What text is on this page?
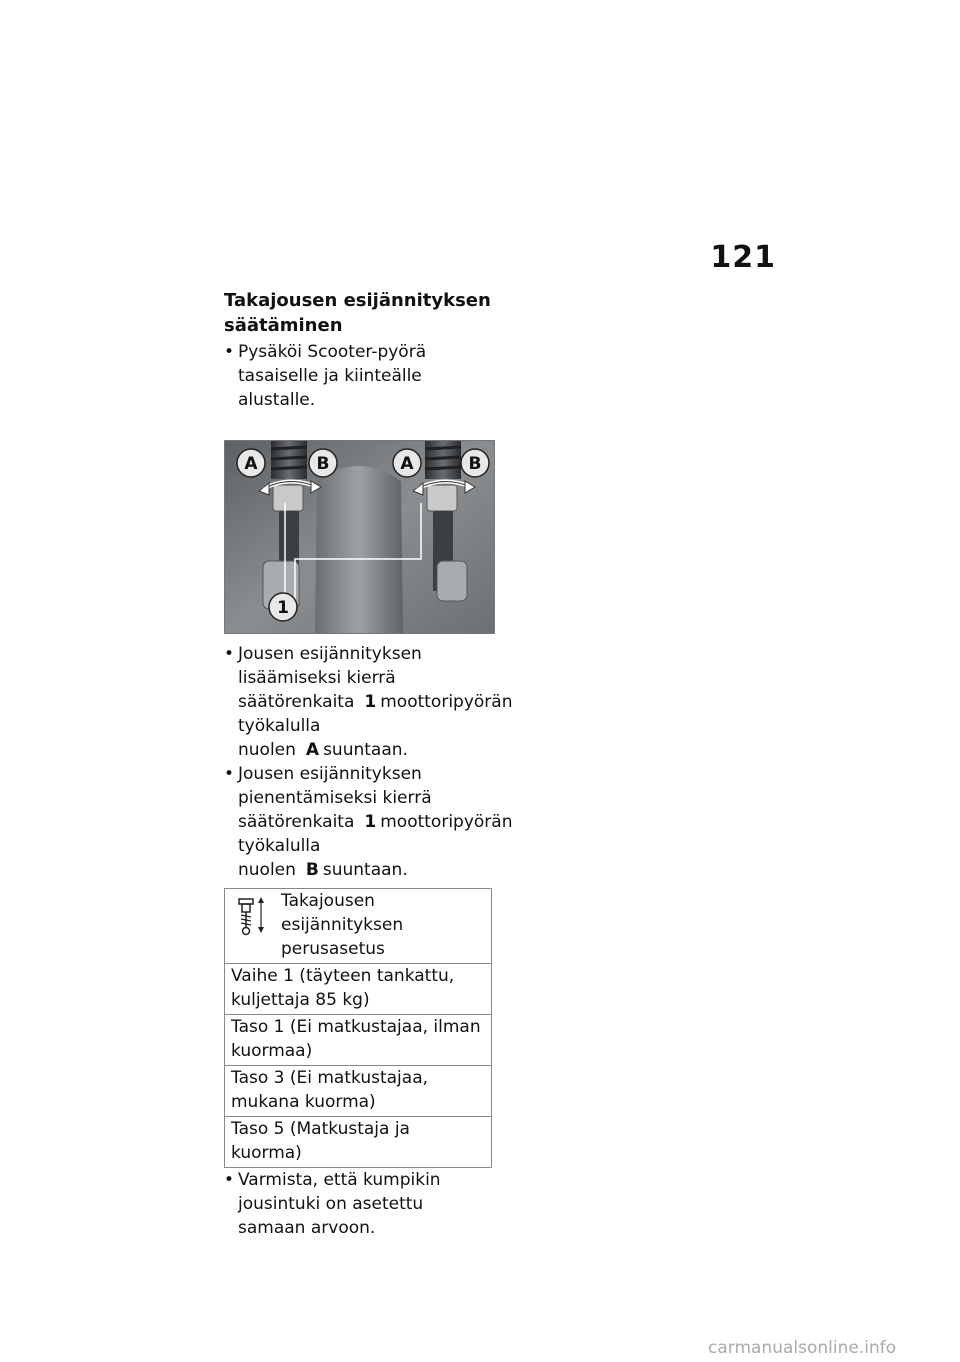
121
Takajousen esijännityksen säätäminen

• Pysäköi Scooter-pyörä tasaiselle ja kiinteälle alustalle.

A	B	A	B
1

• Jousen esijännityksen lisäämiseksi kierrä säätörenkaita 1 moottoripyörän työkalulla nuolen A suuntaan.

• Jousen esijännityksen pienentämiseksi kierrä säätörenkaita 1 moottoripyörän työkalulla nuolen B suuntaan.

Takajousen esijännityksen perusasetus

Vaihe 1 (täyteen tankattu, kuljettaja 85 kg)
Taso 1 (Ei matkustajaa, ilman kuormaa)
Taso 3 (Ei matkustajaa, mukana kuorma)
Taso 5 (Matkustaja ja kuorma)

• Varmista, että kumpikin jousintuki on asetettu samaan arvoon.

carmanualsonline.info
